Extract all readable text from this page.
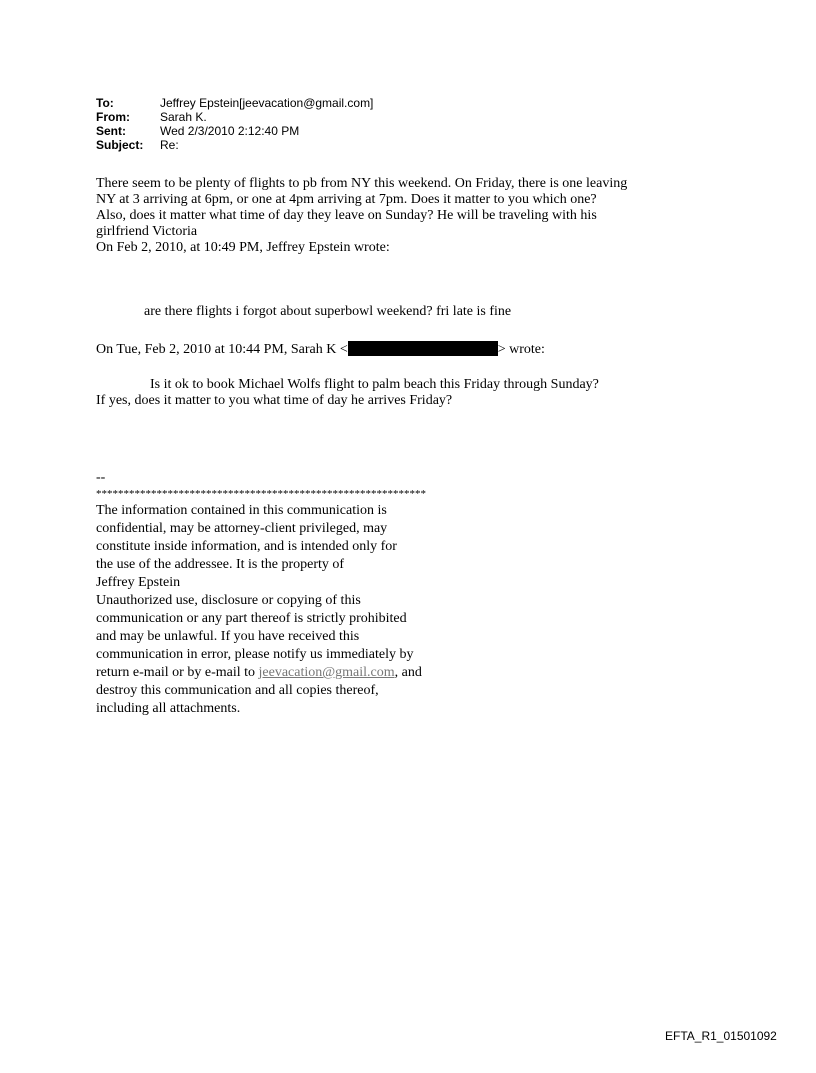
To:	Jeffrey Epstein[jeevacation@gmail.com]
From:	Sarah K.
Sent:	Wed 2/3/2010 2:12:40 PM
Subject:	Re:
There seem to be plenty of flights to pb from NY this weekend. On Friday, there is one leaving
NY at 3 arriving at 6pm, or one at 4pm arriving at 7pm. Does it matter to you which one?
Also, does it matter what time of day they leave on Sunday? He will be traveling with his
girlfriend Victoria
On Feb 2, 2010, at 10:49 PM, Jeffrey Epstein wrote:
are there flights i forgot about superbowl weekend? fri late is fine
On Tue, Feb 2, 2010 at 10:44 PM, Sarah K <	> wrote:
Is it ok to book Michael Wolfs flight to palm beach this Friday through Sunday?
If yes, does it matter to you what time of day he arrives Friday?
--
************************************************************
The information contained in this communication is
confidential, may be attorney-client privileged, may
constitute inside information, and is intended only for
the use of the addressee. It is the property of
Jeffrey Epstein
Unauthorized use, disclosure or copying of this
communication or any part thereof is strictly prohibited
and may be unlawful. If you have received this
communication in error, please notify us immediately by
return e-mail or by e-mail to jeevacation@gmail.com, and
destroy this communication and all copies thereof,
including all attachments.
EFTA_R1_01501092
